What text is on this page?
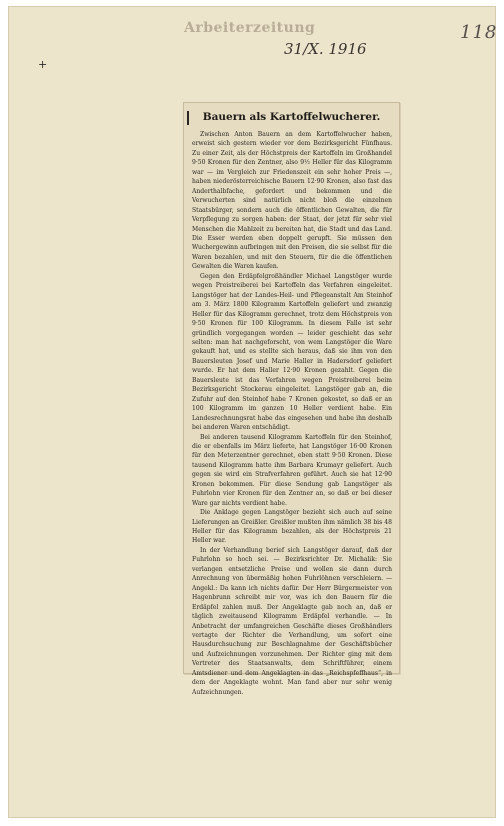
Arbeiterzeitung
31/X. 1916
118
+
Bauern als Kartoffelwucherer.

Zwischen Anton Bauern an dem Kartoffelwucher haben, erweist sich gestern wieder vor dem Bezirksgericht Fünfhaus. Zu einer Zeit, als der Höchstpreis der Kartoffeln im Großhandel 9·50 Kronen für den Zentner, also 9½ Heller für das Kilogramm war — im Vergleich zur Friedenszeit ein sehr hoher Preis —, haben niederösterreichische Bauern 12·90 Kronen, also fast das Anderthalbfache, gefordert und bekommen und die Verwucherten sind natürlich nicht bloß die einzelnen Staatsbürger, sondern auch die öffentlichen Gewalten, die für Verpflegung zu sorgen haben: der Staat, der jetzt für sehr viel Menschen die Mahlzeit zu bereiten hat, die Stadt und das Land. Die Esser werden eben doppelt gerupft. Sie müssen den Wuchergewinn aufbringen mit den Preisen, die sie selbst für die Waren bezahlen, und mit den Steuern, für die die öffentlichen Gewalten die Waren kaufen.

Gegen den Erdäpfelgroßhändler Michael Langstöger wurde wegen Preistreiberei bei Kartoffeln das Verfahren eingeleitet. Langstöger hat der Landes-Heil- und Pflegeanstalt Am Steinhof am 3. März 1800 Kilogramm Kartoffeln geliefert und zwanzig Heller für das Kilogramm gerechnet, trotz dem Höchstpreis von 9·50 Kronen für 100 Kilogramm. In diesem Falle ist sehr gründlich vorgegangen worden — leider geschieht das sehr selten: man hat nachgeforscht, von wem Langstöger die Ware gekauft hat, und es stellte sich heraus, daß sie ihm von den Bauersleuten Josef und Marie Haller in Hadersdorf geliefert wurde. Er hat dem Haller 12·90 Kronen gezahlt. Gegen die Bauersleute ist das Verfahren wegen Preistreiberei beim Bezirksgericht Stockerau eingeleitet. Langstöger gab an, die Zufuhr auf den Steinhof habe 7 Kronen gekostet, so daß er an 100 Kilogramm im ganzen 10 Heller verdient habe. Ein Landesrechnungsrat habe das eingesehen und habe ihn deshalb bei anderen Waren entschädigt.

Bei anderen tausend Kilogramm Kartoffeln für den Steinhof, die er ebenfalls im März lieferte, hat Langstöger 16·00 Kronen für den Meterzentner gerechnet, eben statt 9·50 Kronen. Diese tausend Kilogramm hatte ihm Barbara Krumayr geliefert. Auch gegen sie wird ein Strafverfahren geführt. Auch sie hat 12·90 Kronen bekommen. Für diese Sendung gab Langstöger als Fuhrlohn vier Kronen für den Zentner an, so daß er bei dieser Ware gar nichts verdient habe.

Die Anklage gegen Langstöger bezieht sich auch auf seine Lieferungen an Greißler. Greißler mußten ihm nämlich 38 bis 48 Heller für das Kilogramm bezahlen, als der Höchstpreis 21 Heller war.

In der Verhandlung berief sich Langstöger darauf, daß der Fuhrlohn so hoch sei. — Bezirksrichter Dr. Michalik: Sie verlangen entsetzliche Preise und wollen sie dann durch Anrechnung von übermäßig hohen Fuhrlöhnen verschleiern. — Angekl.: Da kann ich nichts dafür. Der Herr Bürgermeister von Hagenbrunn schreibt mir vor, was ich den Bauern für die Erdäpfel zahlen muß. Der Angeklagte gab noch an, daß er täglich zweitausend Kilogramm Erdäpfel verhandle. — In Anbetracht der umfangreichen Geschäfte dieses Großhändlers vertagte der Richter die Verhandlung, um sofort eine Hausdurchsuchung zur Beschlagnahme der Geschäftsbücher und Aufzeichnungen vorzunehmen. Der Richter ging mit dem Vertreter des Staatsanwalts, dem Schriftführer, einem Amtsdiener und dem Angeklagten in das „Reichspfeffhaus“, in dem der Angeklagte wohnt. Man fand aber nur sehr wenig Aufzeichnungen.
